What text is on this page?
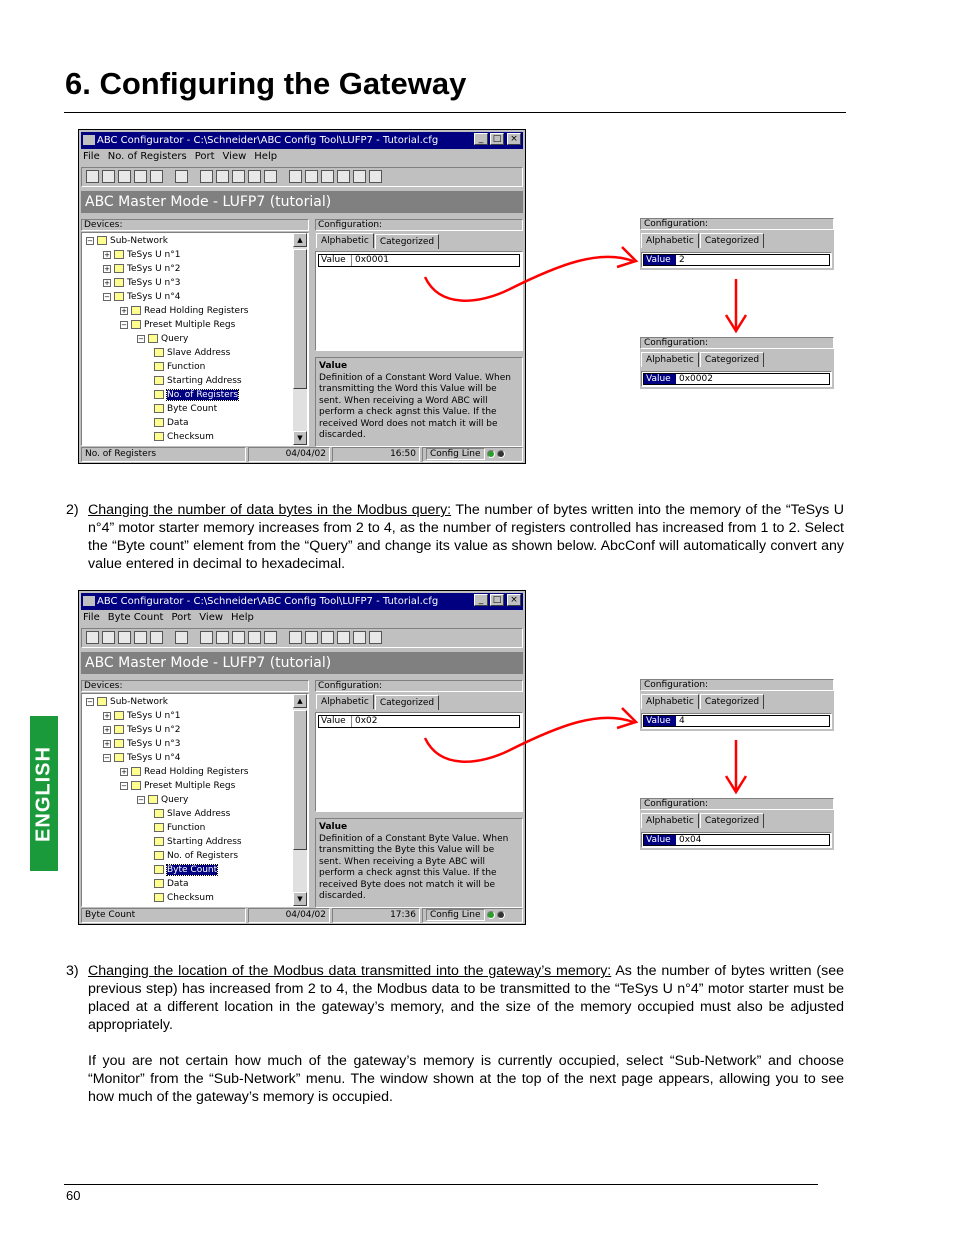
6. Configuring the Gateway
ENGLISH
ABC Configurator - C:\Schneider\ABC Config Tool\LUFP7 - Tutorial.cfg	_	□ ×
File No. of Registers Port View Help
ABC Master Mode - LUFP7 (tutorial)
Devices:
− Sub-Network
+ TeSys U n°1
+ TeSys U n°2
+ TeSys U n°3
− TeSys U n°4
+ Read Holding Registers
− Preset Multiple Regs
− Query
Slave Address
Function
Starting Address
No. of Registers
Byte Count
Data
Checksum
▲
▼
Configuration:
Alphabetic	Categorized
Value	0x0001
Value
Definition of a Constant Word Value. When transmitting the Word this Value will be sent. When receiving a Word ABC will perform a check agnst this Value. If the received Word does not match it will be discarded.
No. of Registers	04/04/02	16:50	Config Line
Configuration:
Alphabetic	Categorized
Value 2
Configuration:
Alphabetic	Categorized
Value 0x0002
2) Changing the number of data bytes in the Modbus query: The number of bytes written into the memory of the “TeSys U n°4” motor starter memory increases from 2 to 4, as the number of registers controlled has increased from 1 to 2. Select the “Byte count” element from the “Query” and change its value as shown below. AbcConf will automatically convert any value entered in decimal to hexadecimal.
ABC Configurator - C:\Schneider\ABC Config Tool\LUFP7 - Tutorial.cfg	_	□ ×
File Byte Count Port View Help
ABC Master Mode - LUFP7 (tutorial)
Devices:
− Sub-Network
+ TeSys U n°1
+ TeSys U n°2
+ TeSys U n°3
− TeSys U n°4
+ Read Holding Registers
− Preset Multiple Regs
− Query
Slave Address
Function
Starting Address
No. of Registers
Byte Count
Data
Checksum
▲
▼
Configuration:
Alphabetic	Categorized
Value	0x02
Value
Definition of a Constant Byte Value. When transmitting the Byte this Value will be sent. When receiving a Byte ABC will perform a check agnst this Value. If the received Byte does not match it will be discarded.
Byte Count	04/04/02	17:36	Config Line
Configuration:
Alphabetic	Categorized
Value 4
Configuration:
Alphabetic	Categorized
Value 0x04
3) Changing the location of the Modbus data transmitted into the gateway’s memory: As the number of bytes written (see previous step) has increased from 2 to 4, the Modbus data to be transmitted to the “TeSys U n°4” motor starter must be placed at a different location in the gateway’s memory, and the size of the memory occupied must also be adjusted appropriately.
If you are not certain how much of the gateway’s memory is currently occupied, select “Sub-Network” and choose “Monitor” from the “Sub-Network” menu. The window shown at the top of the next page appears, allowing you to see how much of the gateway’s memory is occupied.
60
